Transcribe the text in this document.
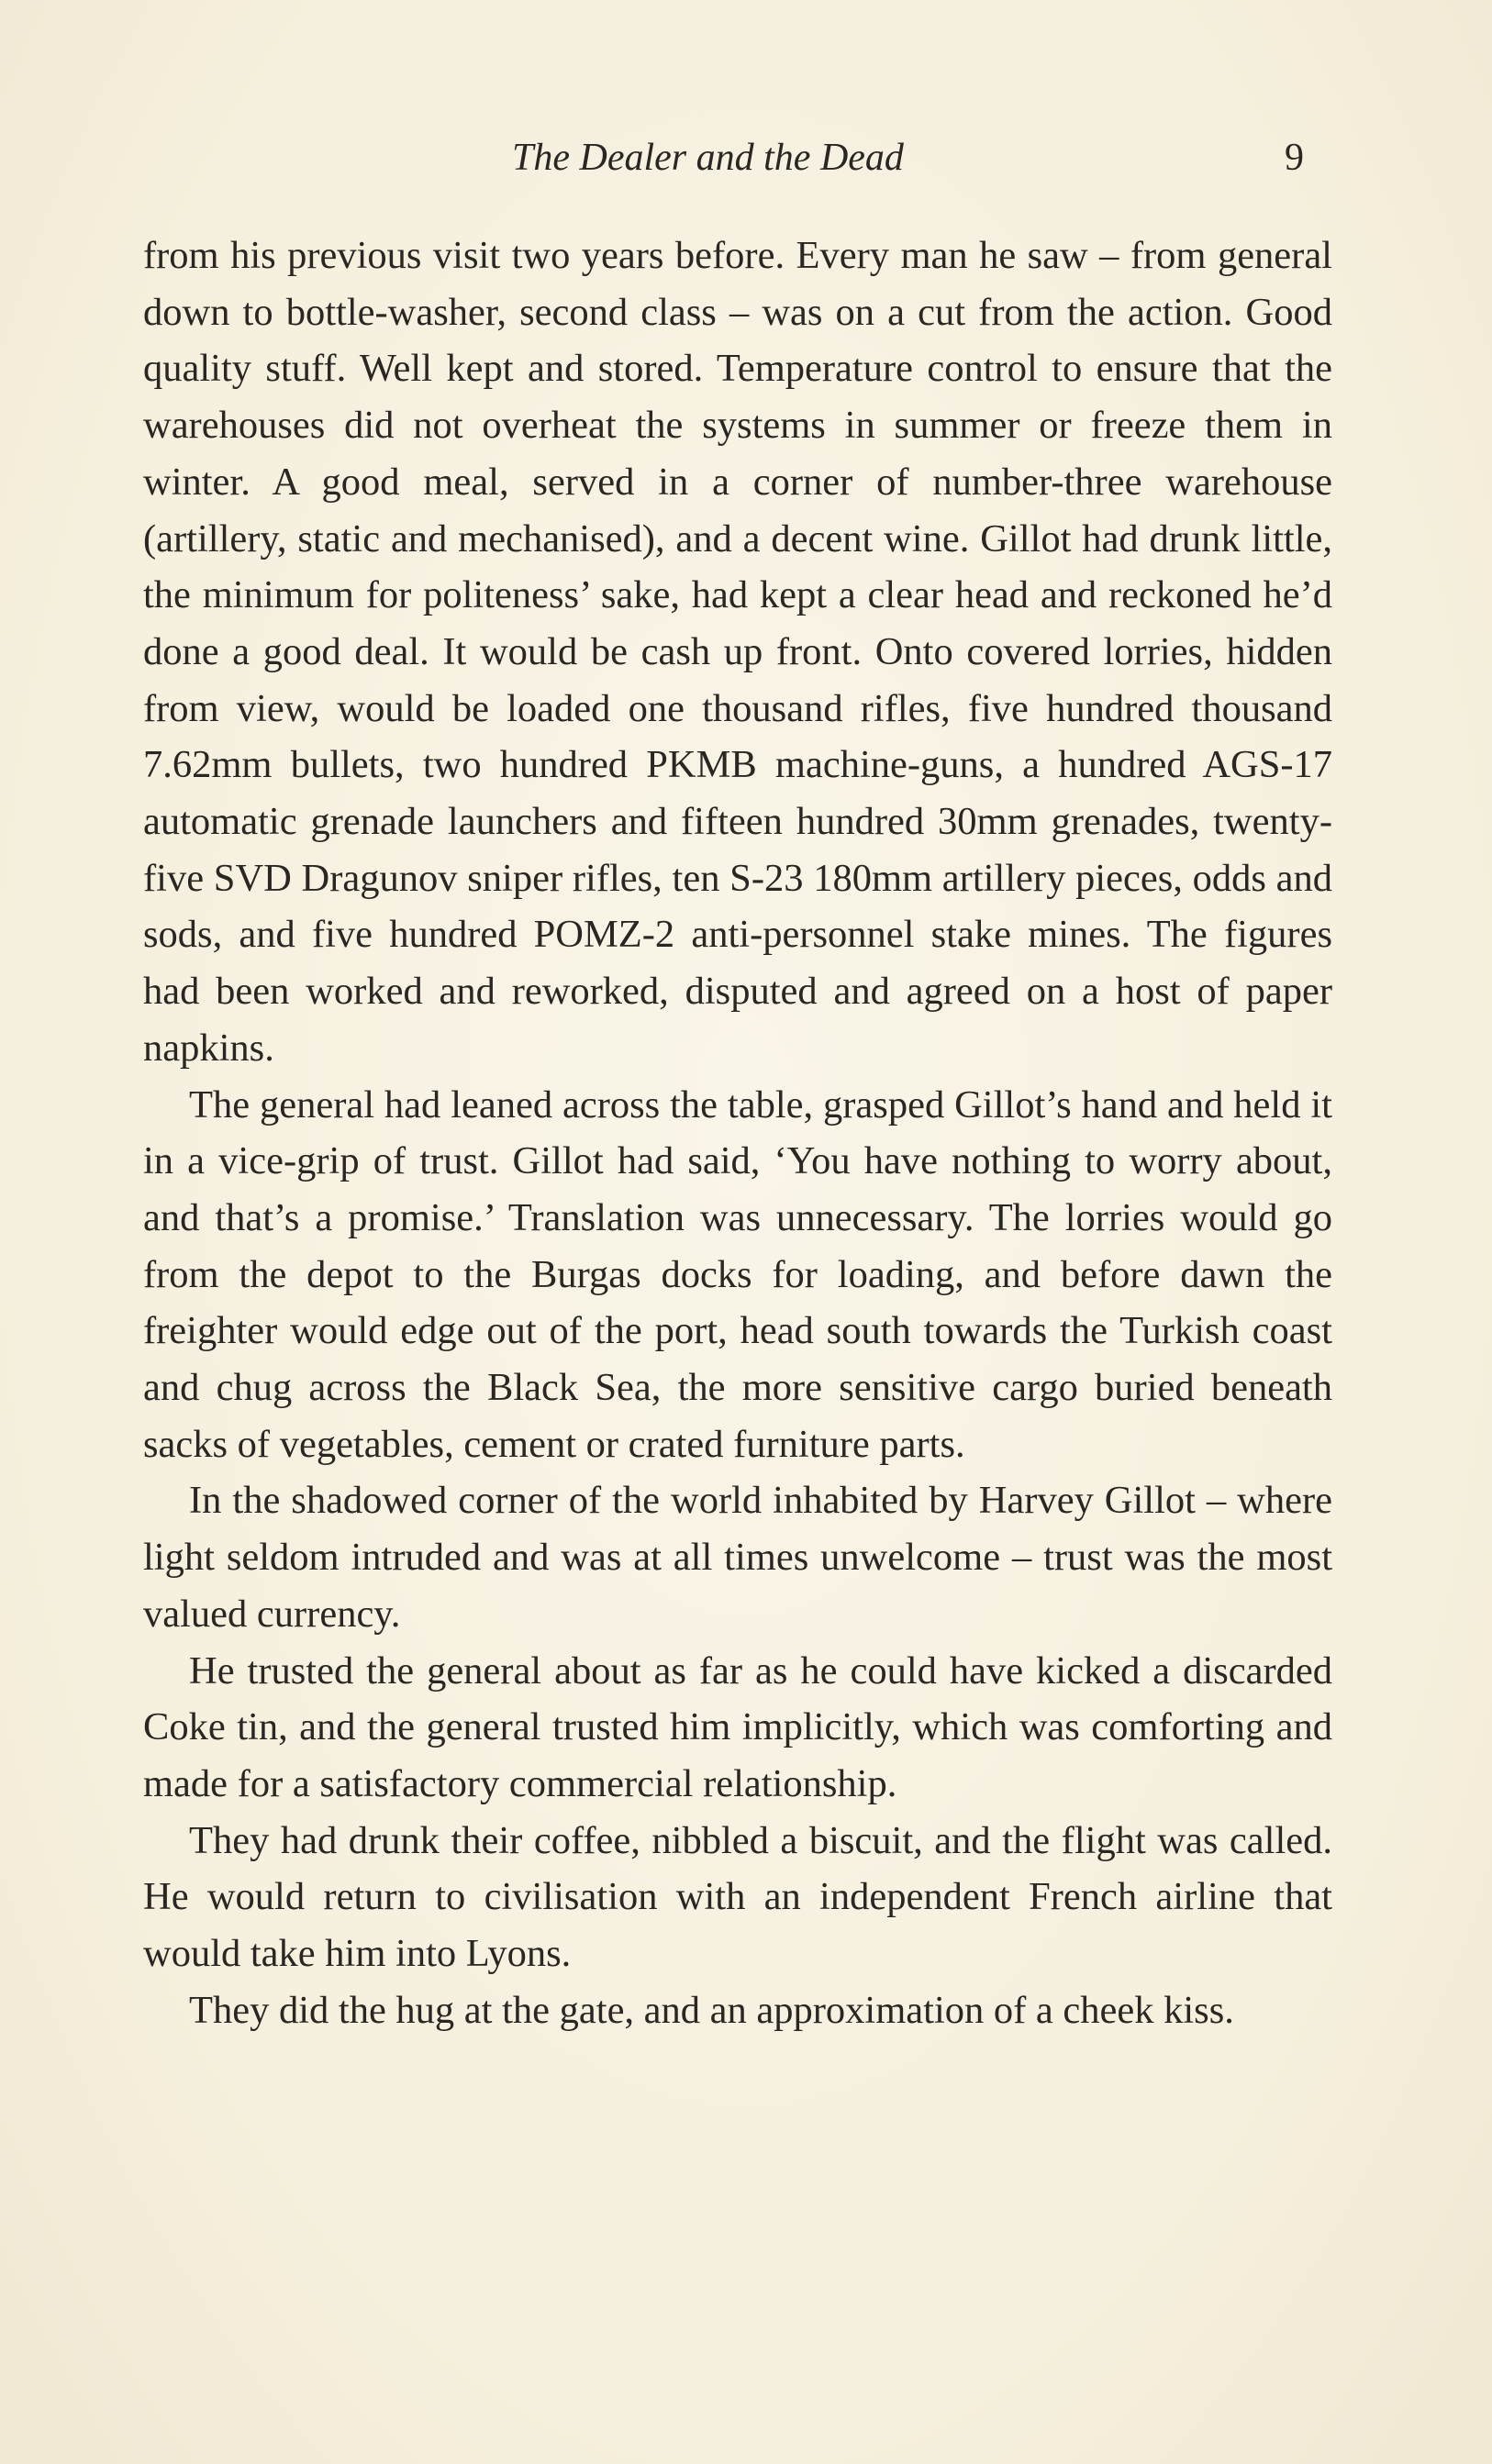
The Dealer and the Dead	9

from his previous visit two years before. Every man he saw – from general down to bottle-washer, second class – was on a cut from the action. Good quality stuff. Well kept and stored. Temperature control to ensure that the warehouses did not overheat the systems in summer or freeze them in winter. A good meal, served in a corner of number-three warehouse (artillery, static and mechanised), and a decent wine. Gillot had drunk little, the minimum for politeness’ sake, had kept a clear head and reckoned he’d done a good deal. It would be cash up front. Onto covered lorries, hidden from view, would be loaded one thousand rifles, five hundred thousand 7.62mm bullets, two hundred PKMB machine-guns, a hundred AGS-17 automatic grenade launchers and fifteen hundred 30mm grenades, twenty-five SVD Dragunov sniper rifles, ten S-23 180mm artillery pieces, odds and sods, and five hundred POMZ-2 anti-personnel stake mines. The figures had been worked and reworked, disputed and agreed on a host of paper napkins.

The general had leaned across the table, grasped Gillot’s hand and held it in a vice-grip of trust. Gillot had said, ‘You have nothing to worry about, and that’s a promise.’ Translation was unnecessary. The lorries would go from the depot to the Burgas docks for loading, and before dawn the freighter would edge out of the port, head south towards the Turkish coast and chug across the Black Sea, the more sensitive cargo buried beneath sacks of vegetables, cement or crated furniture parts.

In the shadowed corner of the world inhabited by Harvey Gillot – where light seldom intruded and was at all times unwelcome – trust was the most valued currency.

He trusted the general about as far as he could have kicked a discarded Coke tin, and the general trusted him implicitly, which was comforting and made for a satisfactory commercial relationship.

They had drunk their coffee, nibbled a biscuit, and the flight was called. He would return to civilisation with an independent French airline that would take him into Lyons.

They did the hug at the gate, and an approximation of a cheek kiss.
